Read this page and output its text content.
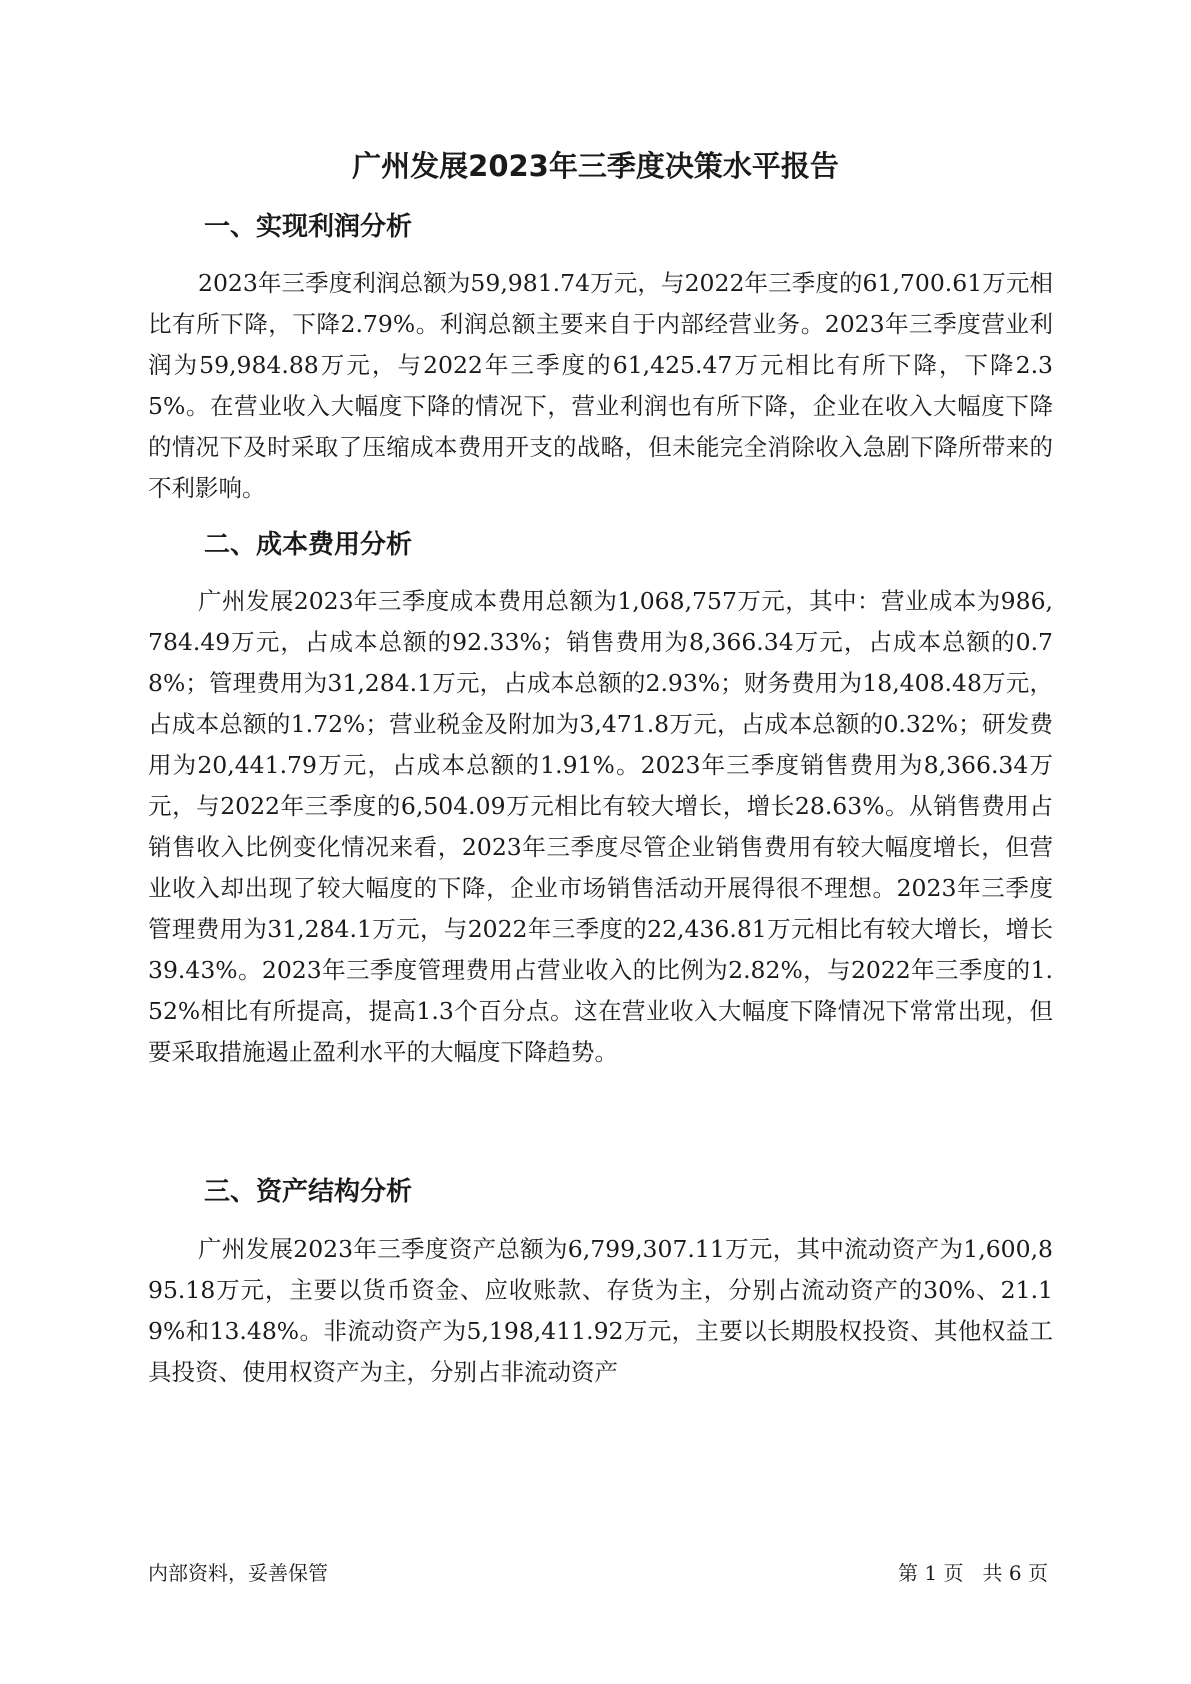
广州发展2023年三季度决策水平报告
一、实现利润分析

2023年三季度利润总额为59,981.74万元，与2022年三季度的61,700.61万元相比有所下降，下降2.79%。利润总额主要来自于内部经营业务。2023年三季度营业利润为59,984.88万元，与2022年三季度的61,425.47万元相比有所下降，下降2.35%。在营业收入大幅度下降的情况下，营业利润也有所下降，企业在收入大幅度下降的情况下及时采取了压缩成本费用开支的战略，但未能完全消除收入急剧下降所带来的不利影响。

二、成本费用分析

广州发展2023年三季度成本费用总额为1,068,757万元，其中：营业成本为986,784.49万元，占成本总额的92.33%；销售费用为8,366.34万元，占成本总额的0.78%；管理费用为31,284.1万元，占成本总额的2.93%；财务费用为18,408.48万元，占成本总额的1.72%；营业税金及附加为3,471.8万元，占成本总额的0.32%；研发费用为20,441.79万元，占成本总额的1.91%。2023年三季度销售费用为8,366.34万元，与2022年三季度的6,504.09万元相比有较大增长，增长28.63%。从销售费用占销售收入比例变化情况来看，2023年三季度尽管企业销售费用有较大幅度增长，但营业收入却出现了较大幅度的下降，企业市场销售活动开展得很不理想。2023年三季度管理费用为31,284.1万元，与2022年三季度的22,436.81万元相比有较大增长，增长39.43%。2023年三季度管理费用占营业收入的比例为2.82%，与2022年三季度的1.52%相比有所提高，提高1.3个百分点。这在营业收入大幅度下降情况下常常出现，但要采取措施遏止盈利水平的大幅度下降趋势。

三、资产结构分析

广州发展2023年三季度资产总额为6,799,307.11万元，其中流动资产为1,600,895.18万元，主要以货币资金、应收账款、存货为主，分别占流动资产的30%、21.19%和13.48%。非流动资产为5,198,411.92万元，主要以长期股权投资、其他权益工具投资、使用权资产为主，分别占非流动资产

内部资料，妥善保管	第 1 页   共 6 页
